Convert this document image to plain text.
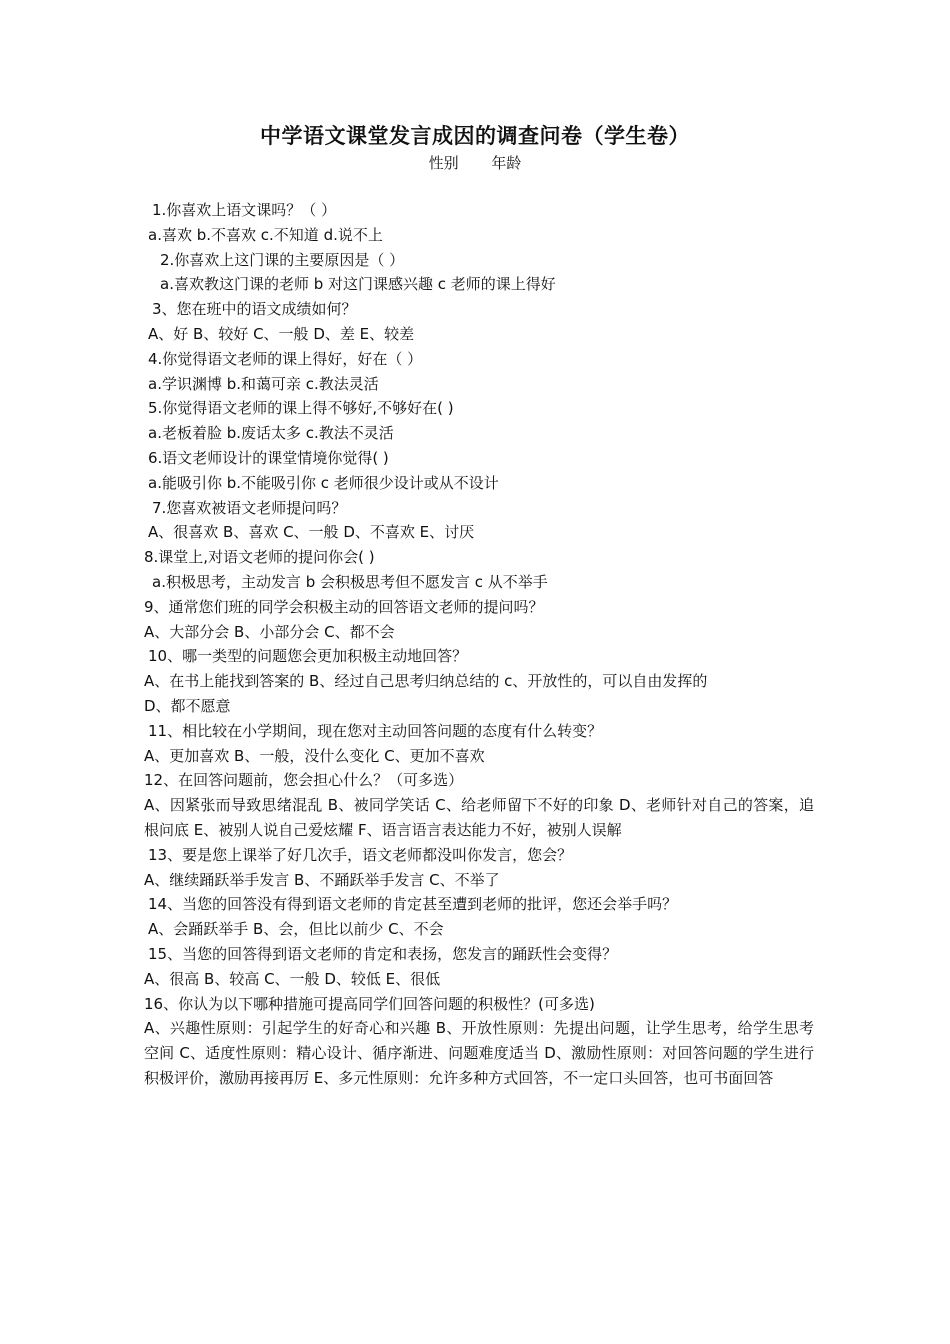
中学语文课堂发言成因的调查问卷（学生卷）
性别 年龄
1.你喜欢上语文课吗？（ ）
a.喜欢 b.不喜欢 c.不知道 d.说不上
2.你喜欢上这门课的主要原因是（ ）
a.喜欢教这门课的老师 b 对这门课感兴趣 c 老师的课上得好
3、您在班中的语文成绩如何？
A、好 B、较好 C、一般 D、差 E、较差
4.你觉得语文老师的课上得好，好在（ ）
a.学识渊博 b.和蔼可亲 c.教法灵活
5.你觉得语文老师的课上得不够好,不够好在( )
a.老板着脸 b.废话太多 c.教法不灵活
6.语文老师设计的课堂情境你觉得( )
a.能吸引你 b.不能吸引你 c 老师很少设计或从不设计
7.您喜欢被语文老师提问吗？
A、很喜欢 B、喜欢 C、一般 D、不喜欢 E、讨厌
8.课堂上,对语文老师的提问你会( )
a.积极思考，主动发言 b 会积极思考但不愿发言 c 从不举手
9、通常您们班的同学会积极主动的回答语文老师的提问吗？
A、大部分会 B、小部分会 C、都不会
10、哪一类型的问题您会更加积极主动地回答？
A、在书上能找到答案的 B、经过自己思考归纳总结的 c、开放性的，可以自由发挥的
D、都不愿意
11、相比较在小学期间，现在您对主动回答问题的态度有什么转变？
A、更加喜欢 B、一般，没什么变化 C、更加不喜欢
12、在回答问题前，您会担心什么？（可多选）
A、因紧张而导致思绪混乱 B、被同学笑话 C、给老师留下不好的印象 D、老师针对自己的答案，追根问底 E、被别人说自己爱炫耀 F、语言语言表达能力不好，被别人误解
13、要是您上课举了好几次手，语文老师都没叫你发言，您会？
A、继续踊跃举手发言 B、不踊跃举手发言 C、不举了
14、当您的回答没有得到语文老师的肯定甚至遭到老师的批评，您还会举手吗？
A、会踊跃举手 B、会，但比以前少 C、不会
15、当您的回答得到语文老师的肯定和表扬，您发言的踊跃性会变得？
A、很高 B、较高 C、一般 D、较低 E、很低
16、你认为以下哪种措施可提高同学们回答问题的积极性？(可多选)
A、兴趣性原则：引起学生的好奇心和兴趣 B、开放性原则：先提出问题，让学生思考，给学生思考空间 C、适度性原则：精心设计、循序渐进、问题难度适当 D、激励性原则：对回答问题的学生进行积极评价，激励再接再厉 E、多元性原则：允许多种方式回答，不一定口头回答，也可书面回答
